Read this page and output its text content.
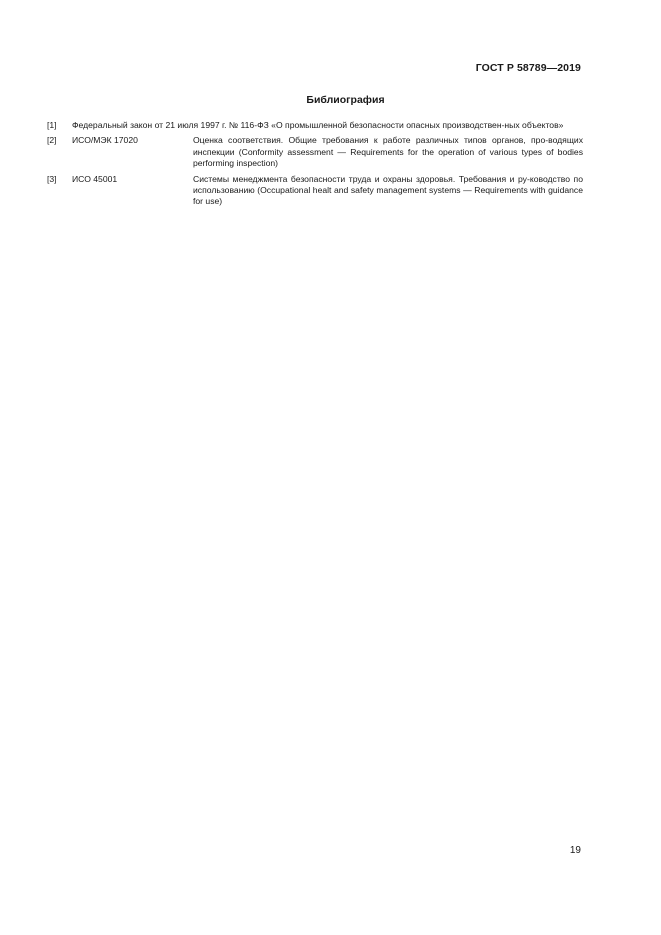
ГОСТ Р 58789—2019
Библиография
[1] Федеральный закон от 21 июля 1997 г. № 116-ФЗ «О промышленной безопасности опасных производствен-ных объектов»
[2] ИСО/МЭК 17020	Оценка соответствия. Общие требования к работе различных типов органов, про-водящих инспекции (Conformity assessment — Requirements for the operation of various types of bodies performing inspection)
[3] ИСО 45001	Системы менеджмента безопасности труда и охраны здоровья. Требования и ру-ководство по использованию (Occupational healt and safety management systems — Requirements with guidance for use)
19
